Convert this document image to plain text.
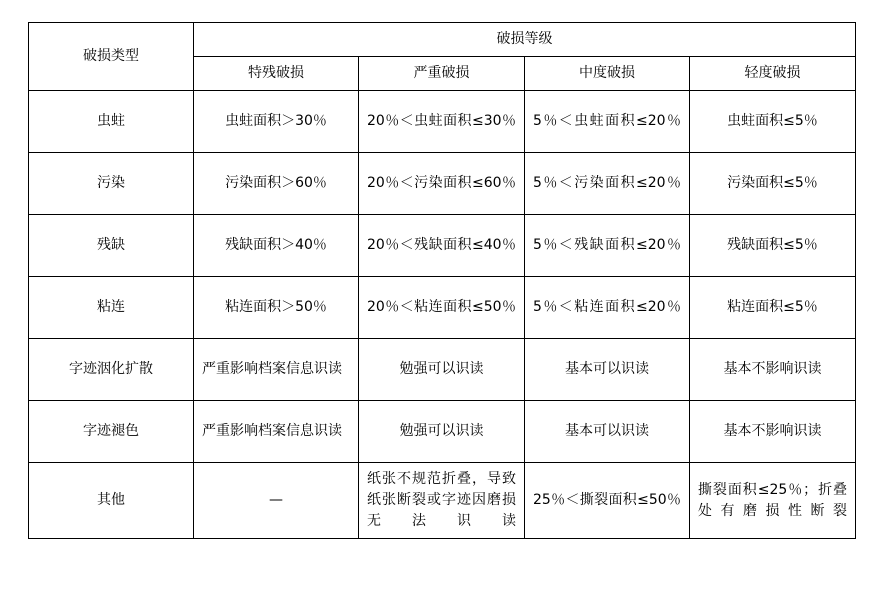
破损类型	破损等级			
	特残破损	严重破损	中度破损	轻度破损
虫蛀	虫蛀面积＞30％	20％＜虫蛀面积≤30％	5％＜虫蛀面积≤20％	虫蛀面积≤5％
污染	污染面积＞60％	20％＜污染面积≤60％	5％＜污染面积≤20％	污染面积≤5％
残缺	残缺面积＞40％	20％＜残缺面积≤40％	5％＜残缺面积≤20％	残缺面积≤5％
粘连	粘连面积＞50％	20％＜粘连面积≤50％	5％＜粘连面积≤20％	粘连面积≤5％
字迹洇化扩散	严重影响档案信息识读	勉强可以识读	基本可以识读	基本不影响识读
字迹褪色	严重影响档案信息识读	勉强可以识读	基本可以识读	基本不影响识读
其他	—	纸张不规范折叠，导致纸张断裂或字迹因磨损无法识读	25％＜撕裂面积≤50％	撕裂面积≤25％；折叠处有磨损性断裂
